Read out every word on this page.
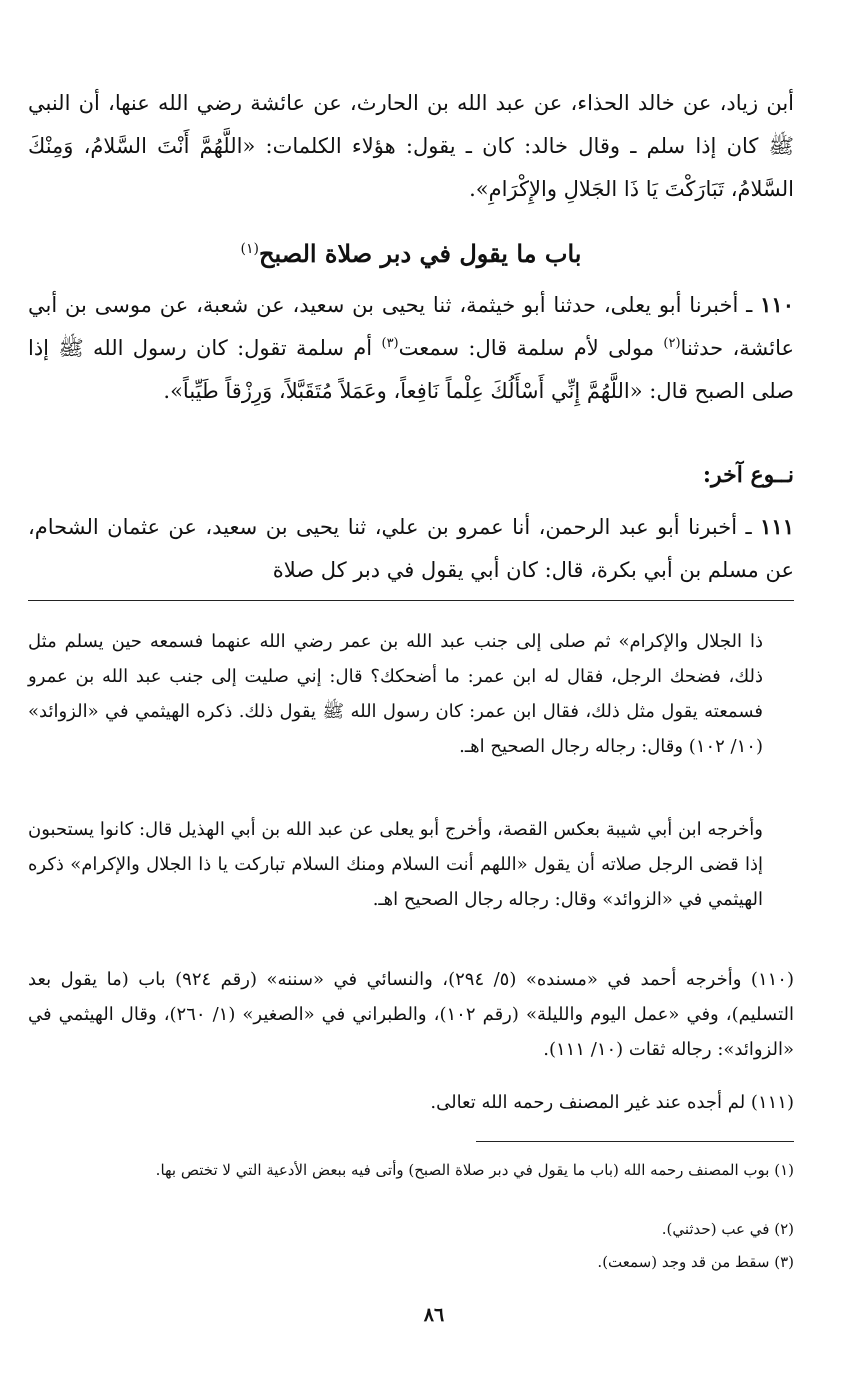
أبن زياد، عن خالد الحذاء، عن عبد الله بن الحارث، عن عائشة رضي الله عنها، أن النبي ﷺ كان إذا سلم ـ وقال خالد: كان ـ يقول: هؤلاء الكلمات: «اللَّهُمَّ أَنْتَ السَّلامُ، وَمِنْكَ السَّلامُ، تَبَارَكْتَ يَا ذَا الجَلالِ والإِكْرَامِ».

باب ما يقول في دبر صلاة الصبح$^{(١)}$

١١٠ ـ أخبرنا أبو يعلى، حدثنا أبو خيثمة، ثنا يحيى بن سعيد، عن شعبة، عن موسى بن أبي عائشة، حدثنا$^{(٢)}$ مولى لأم سلمة قال: سمعت$^{(٣)}$ أم سلمة تقول: كان رسول الله ﷺ إذا صلى الصبح قال: «اللَّهُمَّ إِنِّي أَسْأَلُكَ عِلْماً نَافِعاً، وعَمَلاً مُتَقَبَّلاً، وَرِزْقاً طَيِّباً».

نــوع آخر:

١١١ ـ أخبرنا أبو عبد الرحمن، أنا عمرو بن علي، ثنا يحيى بن سعيد، عن عثمان الشحام، عن مسلم بن أبي بكرة، قال: كان أبي يقول في دبر كل صلاة

ذا الجلال والإكرام» ثم صلى إلى جنب عبد الله بن عمر رضي الله عنهما فسمعه حين يسلم مثل ذلك، فضحك الرجل، فقال له ابن عمر: ما أضحكك؟ قال: إني صليت إلى جنب عبد الله بن عمرو فسمعته يقول مثل ذلك، فقال ابن عمر: كان رسول الله ﷺ يقول ذلك. ذكره الهيثمي في «الزوائد» (١٠/ ١٠٢) وقال: رجاله رجال الصحيح اهـ.

وأخرجه ابن أبي شيبة بعكس القصة، وأخرج أبو يعلى عن عبد الله بن أبي الهذيل قال: كانوا يستحبون إذا قضى الرجل صلاته أن يقول «اللهم أنت السلام ومنك السلام تباركت يا ذا الجلال والإكرام» ذكره الهيثمي في «الزوائد» وقال: رجاله رجال الصحيح اهـ.

(١١٠) وأخرجه أحمد في «مسنده» (٥/ ٢٩٤)، والنسائي في «سننه» (رقم ٩٢٤) باب (ما يقول بعد التسليم)، وفي «عمل اليوم والليلة» (رقم ١٠٢)، والطبراني في «الصغير» (١/ ٢٦٠)، وقال الهيثمي في «الزوائد»: رجاله ثقات (١٠/ ١١١).

(١١١) لم أجده عند غير المصنف رحمه الله تعالى.

(١) بوب المصنف رحمه الله (باب ما يقول في دبر صلاة الصبح) وأتى فيه ببعض الأدعية التي لا تختص بها.

(٢) في عب (حدثني).

(٣) سقط من قد وجد (سمعت).

٨٦
